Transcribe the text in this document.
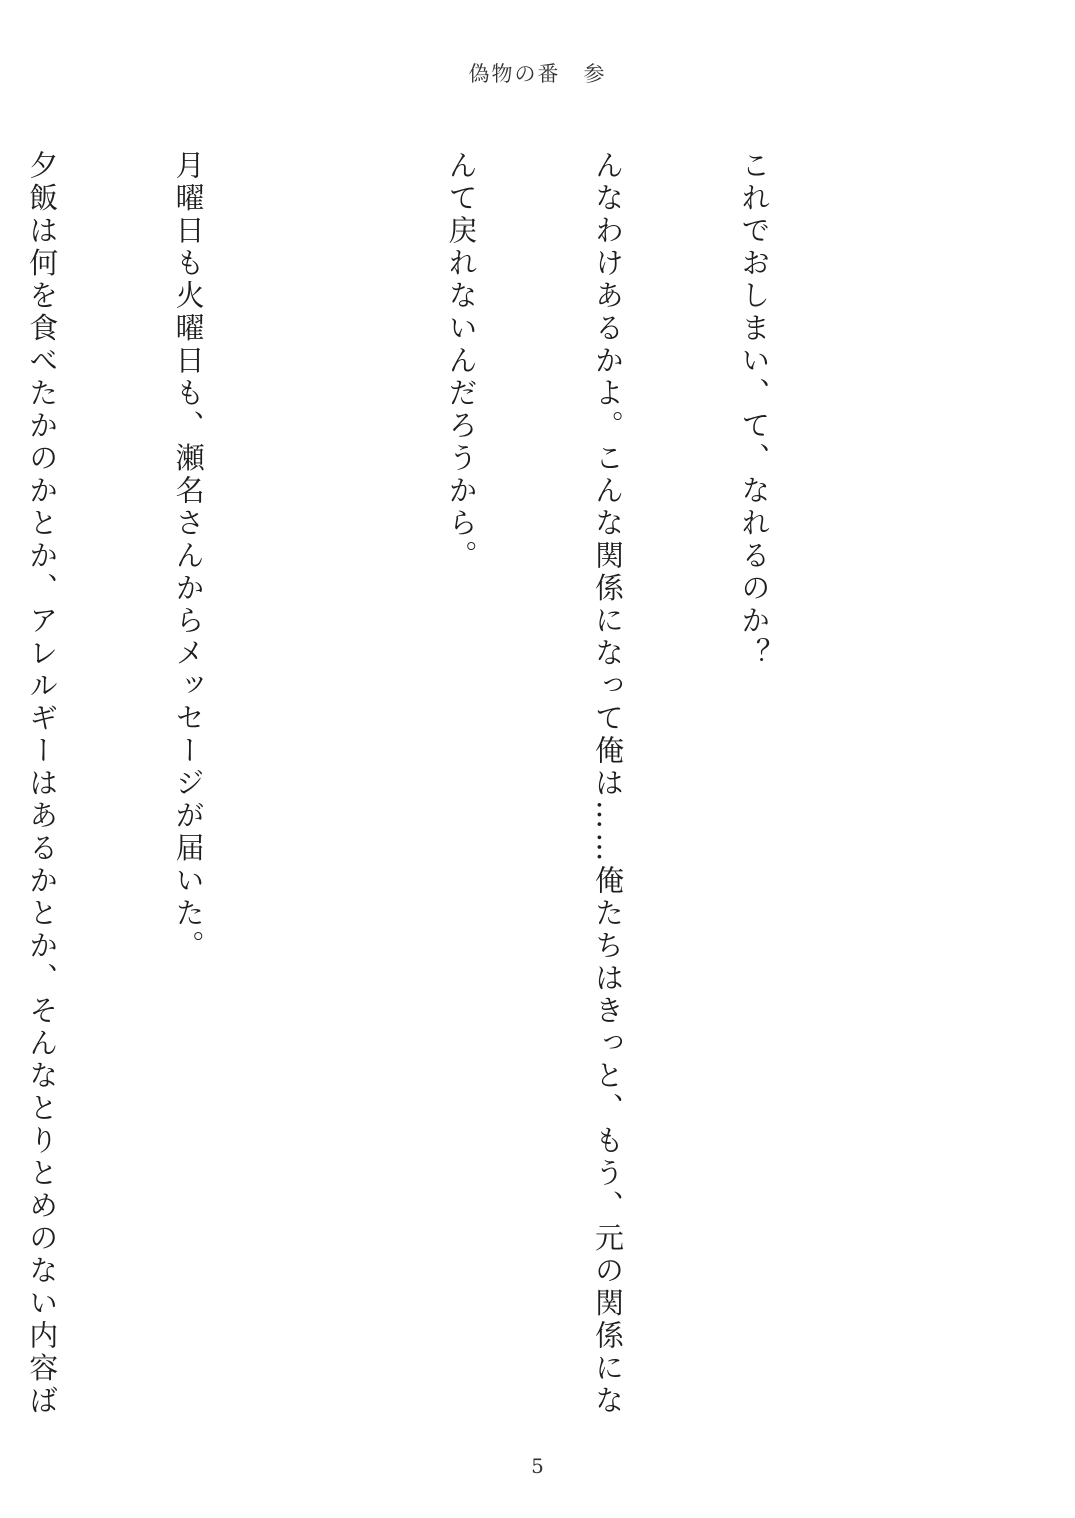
偽物の番　参

これでおしまい、て、なれるのか？

んなわけあるかよ。こんな関係になって俺は……俺たちはきっと、もう、元の関係にな

んて戻れないんだろうから。

月曜日も火曜日も、瀬名さんからメッセージが届いた。

夕飯は何を食べたかのかとか、アレルギーはあるかとか、そんなとりとめのない内容ば

5
